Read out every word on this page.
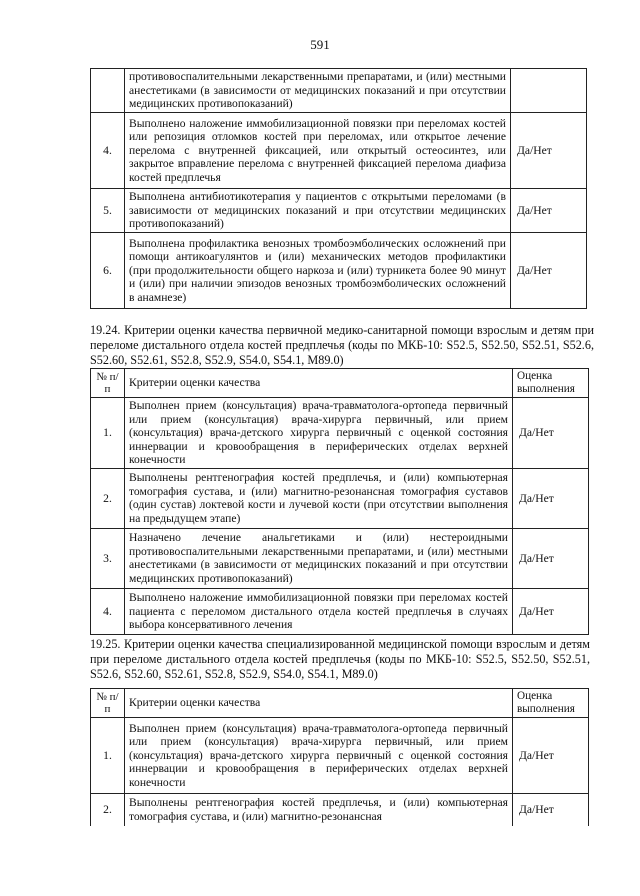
591
	противовоспалительными лекарственными препаратами, и (или) местными анестетиками (в зависимости от медицинских показаний и при отсутствии медицинских противопоказаний)	
4.	Выполнено наложение иммобилизационной повязки при переломах костей или репозиция отломков костей при переломах, или открытое лечение перелома с внутренней фиксацией, или открытый остеосинтез, или закрытое вправление перелома с внутренней фиксацией перелома диафиза костей предплечья	Да/Нет
5.	Выполнена антибиотикотерапия у пациентов с открытыми переломами (в зависимости от медицинских показаний и при отсутствии медицинских противопоказаний)	Да/Нет
6.	Выполнена профилактика венозных тромбоэмболических осложнений при помощи антикоагулянтов и (или) механических методов профилактики (при продолжительности общего наркоза и (или) турникета более 90 минут и (или) при наличии эпизодов венозных тромбоэмболических осложнений в анамнезе)	Да/Нет

19.24. Критерии оценки качества первичной медико-санитарной помощи взрослым и детям при переломе дистального отдела костей предплечья (коды по МКБ-10: S52.5, S52.50, S52.51, S52.6, S52.60, S52.61, S52.8, S52.9, S54.0, S54.1, M89.0)

№ п/п	Критерии оценки качества	Оценка выполнения
1.	Выполнен прием (консультация) врача-травматолога-ортопеда первичный или прием (консультация) врача-хирурга первичный, или прием (консультация) врача-детского хирурга первичный с оценкой состояния иннервации и кровообращения в периферических отделах верхней конечности	Да/Нет
2.	Выполнены рентгенография костей предплечья, и (или) компьютерная томография сустава, и (или) магнитно-резонансная томография суставов (один сустав) локтевой кости и лучевой кости (при отсутствии выполнения на предыдущем этапе)	Да/Нет
3.	Назначено лечение анальгетиками и (или) нестероидными противовоспалительными лекарственными препаратами, и (или) местными анестетиками (в зависимости от медицинских показаний и при отсутствии медицинских противопоказаний)	Да/Нет
4.	Выполнено наложение иммобилизационной повязки при переломах костей пациента с переломом дистального отдела костей предплечья в случаях выбора консервативного лечения	Да/Нет

19.25. Критерии оценки качества специализированной медицинской помощи взрослым и детям при переломе дистального отдела костей предплечья (коды по МКБ-10: S52.5, S52.50, S52.51, S52.6, S52.60, S52.61, S52.8, S52.9, S54.0, S54.1, M89.0)

№ п/п	Критерии оценки качества	Оценка выполнения
1.	Выполнен прием (консультация) врача-травматолога-ортопеда первичный или прием (консультация) врача-хирурга первичный, или прием (консультация) врача-детского хирурга первичный с оценкой состояния иннервации и кровообращения в периферических отделах верхней конечности	Да/Нет
2.	Выполнены рентгенография костей предплечья, и (или) компьютерная томография сустава, и (или) магнитно-резонансная	Да/Нет
